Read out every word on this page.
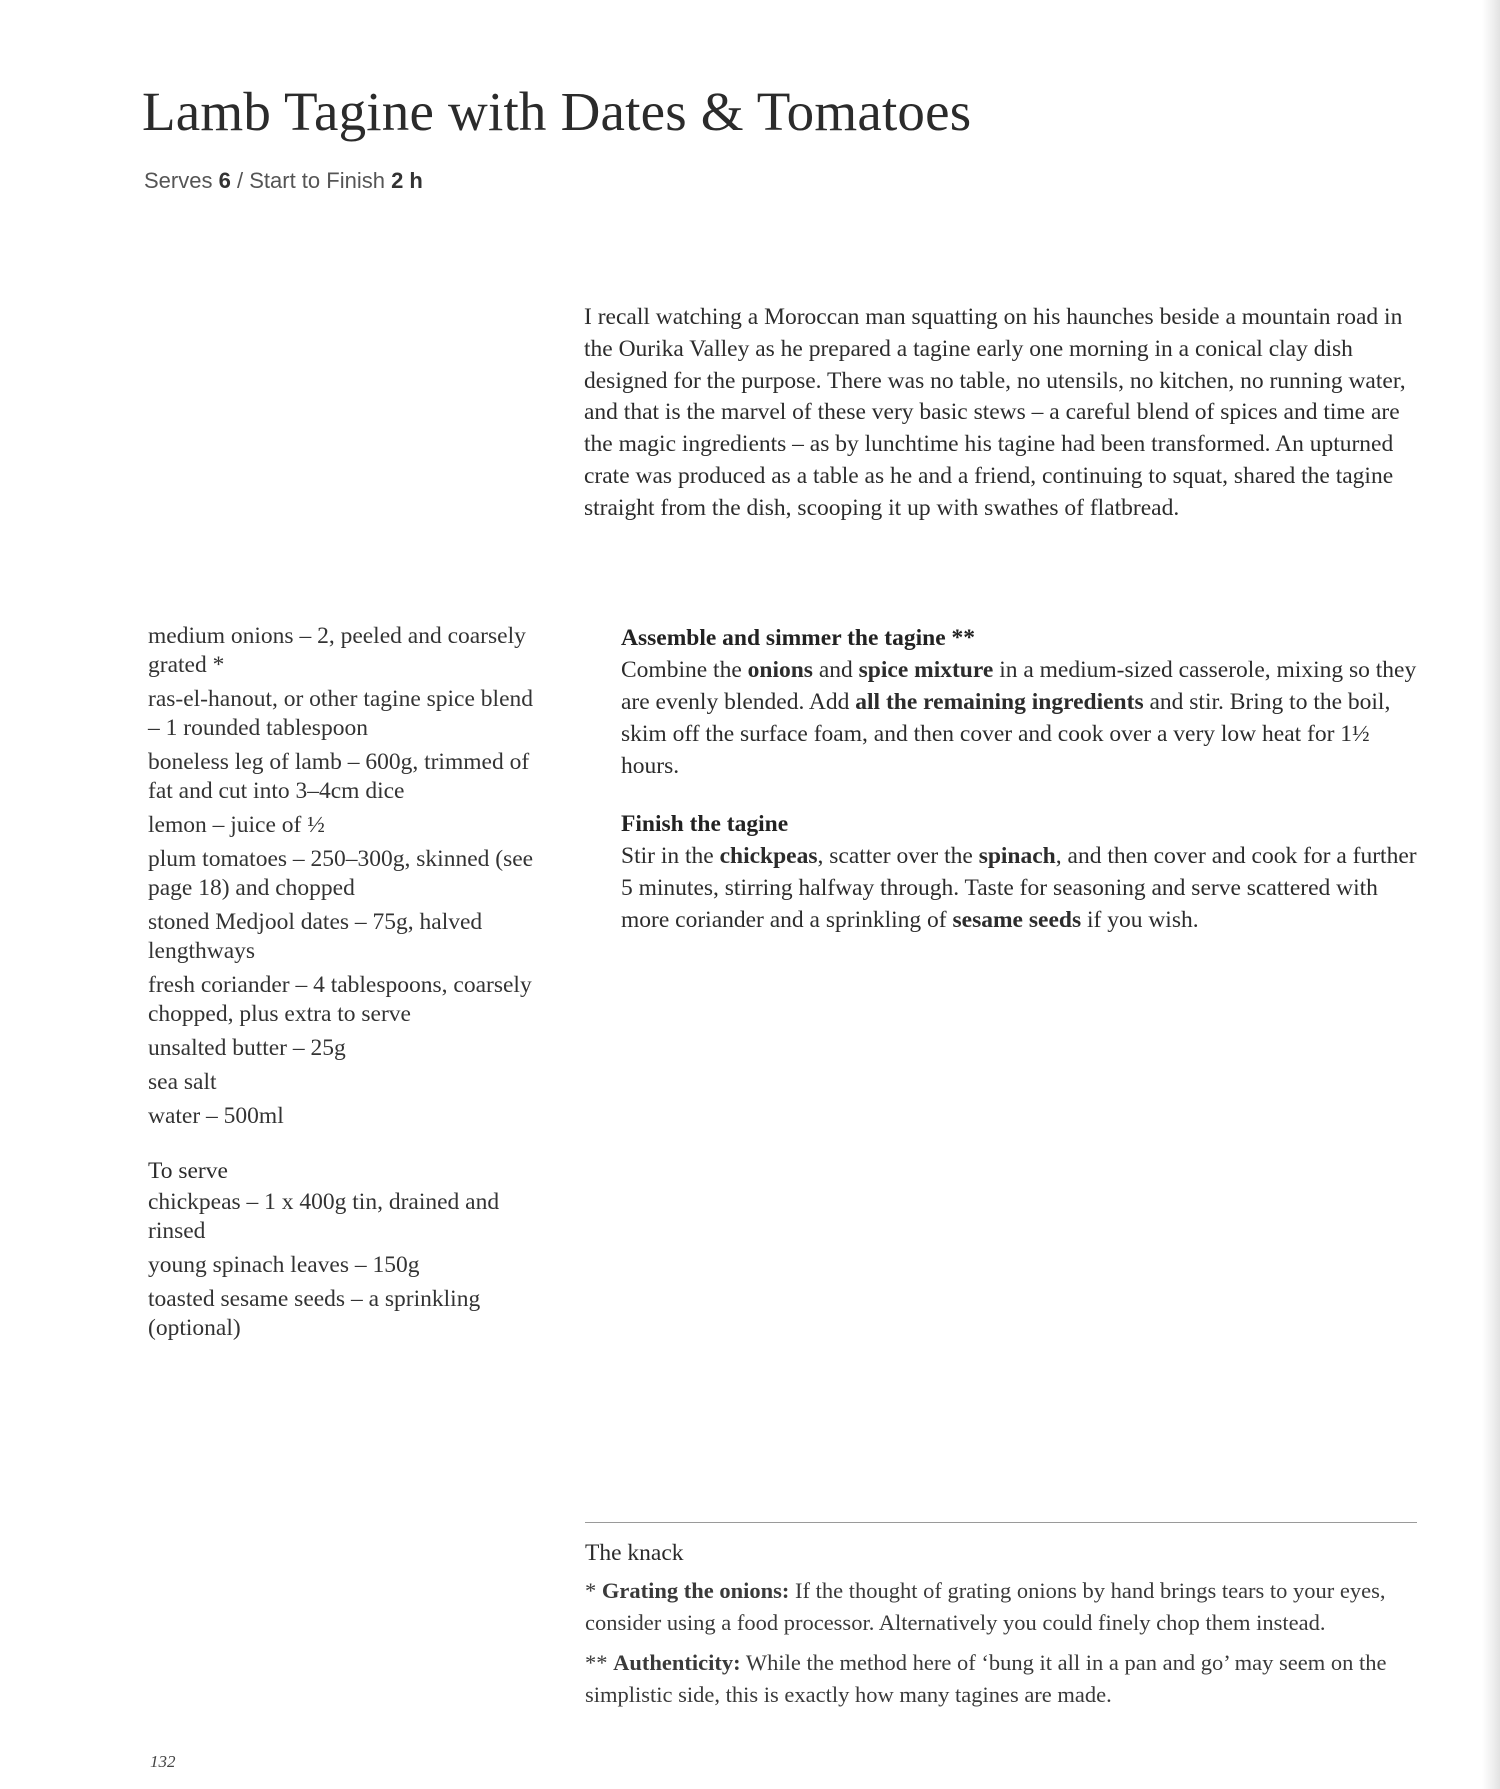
Lamb Tagine with Dates & Tomatoes
Serves 6 / Start to Finish 2 h

I recall watching a Moroccan man squatting on his haunches beside a mountain road in the Ourika Valley as he prepared a tagine early one morning in a conical clay dish designed for the purpose. There was no table, no utensils, no kitchen, no running water, and that is the marvel of these very basic stews – a careful blend of spices and time are the magic ingredients – as by lunchtime his tagine had been transformed. An upturned crate was produced as a table as he and a friend, continuing to squat, shared the tagine straight from the dish, scooping it up with swathes of flatbread.

medium onions – 2, peeled and coarsely grated *
ras-el-hanout, or other tagine spice blend – 1 rounded tablespoon
boneless leg of lamb – 600g, trimmed of fat and cut into 3–4cm dice
lemon – juice of ½
plum tomatoes – 250–300g, skinned (see page 18) and chopped
stoned Medjool dates – 75g, halved lengthways
fresh coriander – 4 tablespoons, coarsely chopped, plus extra to serve
unsalted butter – 25g
sea salt
water – 500ml
To serve
chickpeas – 1 x 400g tin, drained and rinsed
young spinach leaves – 150g
toasted sesame seeds – a sprinkling (optional)

Assemble and simmer the tagine **

Combine the onions and spice mixture in a medium-sized casserole, mixing so they are evenly blended. Add all the remaining ingredients and stir. Bring to the boil, skim off the surface foam, and then cover and cook over a very low heat for 1½ hours.

Finish the tagine

Stir in the chickpeas, scatter over the spinach, and then cover and cook for a further 5 minutes, stirring halfway through. Taste for seasoning and serve scattered with more coriander and a sprinkling of sesame seeds if you wish.

The knack

* Grating the onions: If the thought of grating onions by hand brings tears to your eyes, consider using a food processor. Alternatively you could finely chop them instead.

** Authenticity: While the method here of ‘bung it all in a pan and go’ may seem on the simplistic side, this is exactly how many tagines are made.

132
